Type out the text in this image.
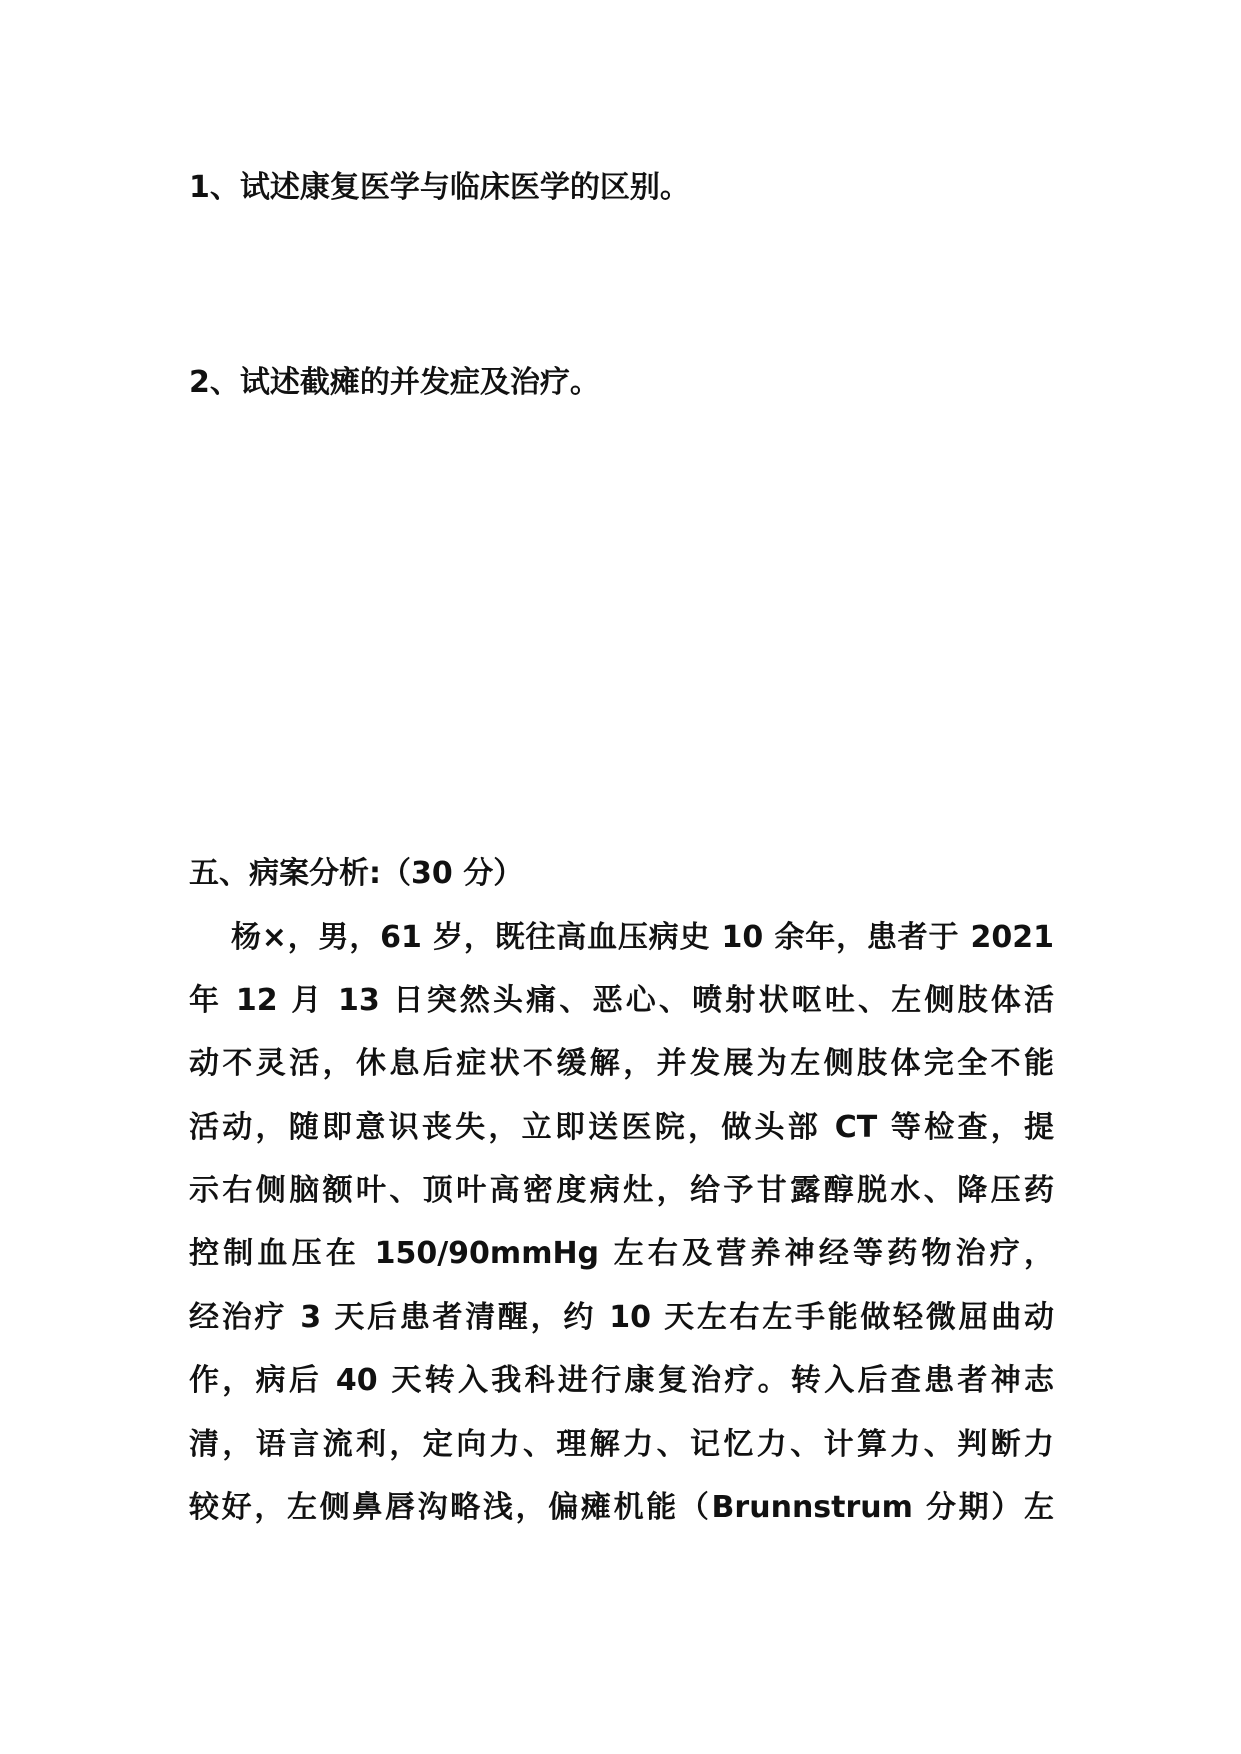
1、试述康复医学与临床医学的区别。
2、试述截瘫的并发症及治疗。
五、病案分析:（30 分）
杨×，男，61 岁，既往高血压病史 10 余年，患者于 2021
年 12 月 13 日突然头痛、恶心、喷射状呕吐、左侧肢体活
动不灵活，休息后症状不缓解，并发展为左侧肢体完全不能
活动，随即意识丧失，立即送医院，做头部 CT 等检查，提
示右侧脑额叶、顶叶高密度病灶，给予甘露醇脱水、降压药
控制血压在 150/90mmHg 左右及营养神经等药物治疗，
经治疗 3 天后患者清醒，约 10 天左右左手能做轻微屈曲动
作，病后 40 天转入我科进行康复治疗。转入后查患者神志
清，语言流利，定向力、理解力、记忆力、计算力、判断力
较好，左侧鼻唇沟略浅，偏瘫机能（Brunnstrum 分期）左
